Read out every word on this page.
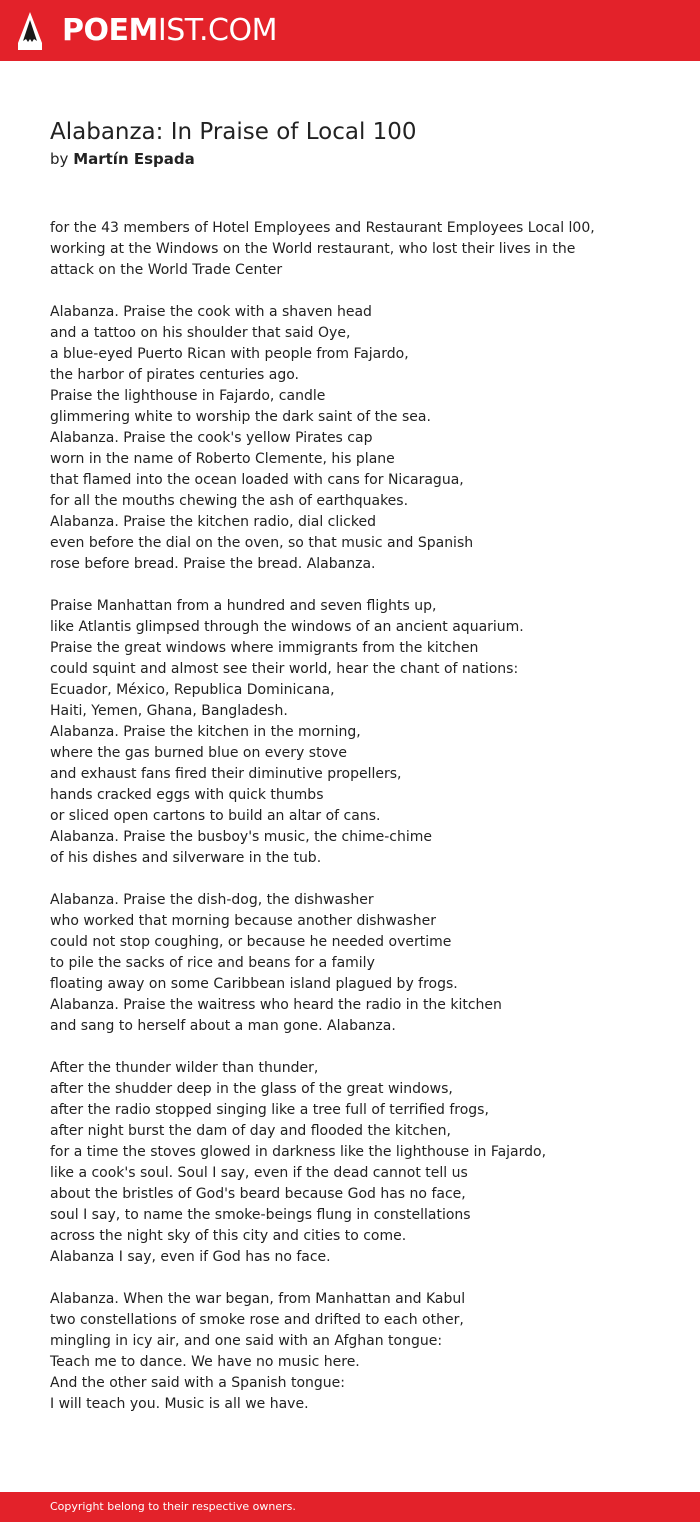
POEMIST.COM
Alabanza: In Praise of Local 100
by Martín Espada
for the 43 members of Hotel Employees and Restaurant Employees Local l00,
working at the Windows on the World restaurant, who lost their lives in the
attack on the World Trade Center
Alabanza. Praise the cook with a shaven head
and a tattoo on his shoulder that said Oye,
a blue-eyed Puerto Rican with people from Fajardo,
the harbor of pirates centuries ago.
Praise the lighthouse in Fajardo, candle
glimmering white to worship the dark saint of the sea.
Alabanza. Praise the cook's yellow Pirates cap
worn in the name of Roberto Clemente, his plane
that flamed into the ocean loaded with cans for Nicaragua,
for all the mouths chewing the ash of earthquakes.
Alabanza. Praise the kitchen radio, dial clicked
even before the dial on the oven, so that music and Spanish
rose before bread. Praise the bread. Alabanza.
Praise Manhattan from a hundred and seven flights up,
like Atlantis glimpsed through the windows of an ancient aquarium.
Praise the great windows where immigrants from the kitchen
could squint and almost see their world, hear the chant of nations:
Ecuador, México, Republica Dominicana,
Haiti, Yemen, Ghana, Bangladesh.
Alabanza. Praise the kitchen in the morning,
where the gas burned blue on every stove
and exhaust fans fired their diminutive propellers,
hands cracked eggs with quick thumbs
or sliced open cartons to build an altar of cans.
Alabanza. Praise the busboy's music, the chime-chime
of his dishes and silverware in the tub.
Alabanza. Praise the dish-dog, the dishwasher
who worked that morning because another dishwasher
could not stop coughing, or because he needed overtime
to pile the sacks of rice and beans for a family
floating away on some Caribbean island plagued by frogs.
Alabanza. Praise the waitress who heard the radio in the kitchen
and sang to herself about a man gone. Alabanza.
After the thunder wilder than thunder,
after the shudder deep in the glass of the great windows,
after the radio stopped singing like a tree full of terrified frogs,
after night burst the dam of day and flooded the kitchen,
for a time the stoves glowed in darkness like the lighthouse in Fajardo,
like a cook's soul. Soul I say, even if the dead cannot tell us
about the bristles of God's beard because God has no face,
soul I say, to name the smoke-beings flung in constellations
across the night sky of this city and cities to come.
Alabanza I say, even if God has no face.
Alabanza. When the war began, from Manhattan and Kabul
two constellations of smoke rose and drifted to each other,
mingling in icy air, and one said with an Afghan tongue:
Teach me to dance. We have no music here.
And the other said with a Spanish tongue:
I will teach you. Music is all we have.
Copyright belong to their respective owners.
